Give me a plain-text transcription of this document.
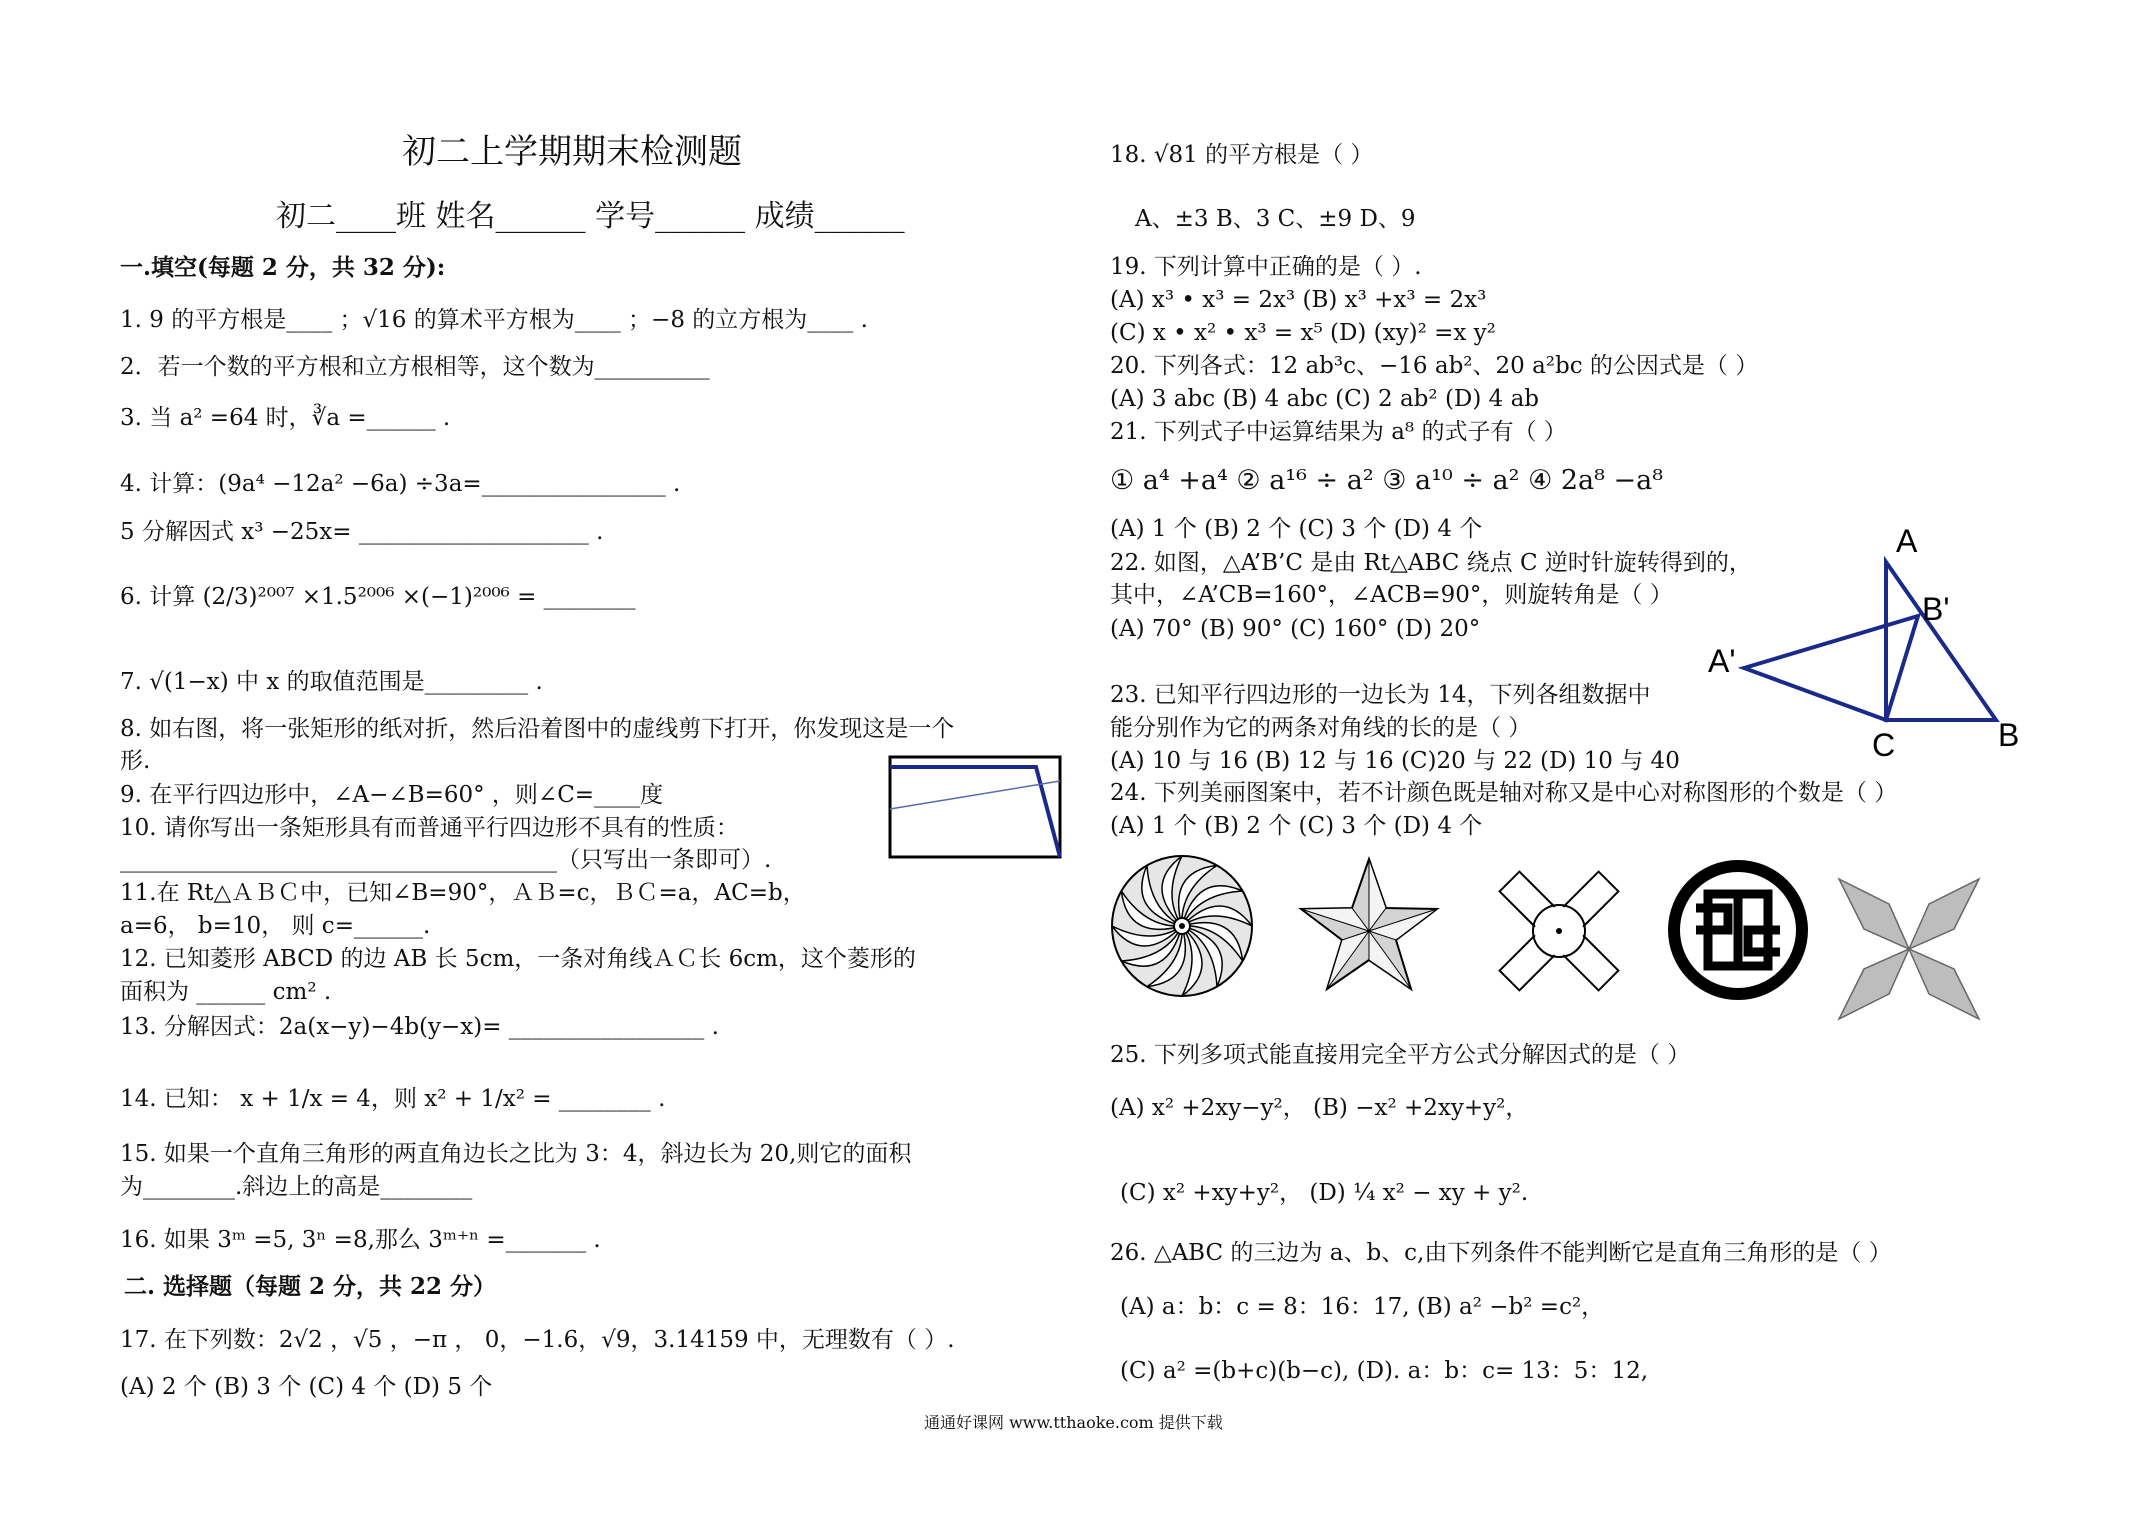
初二上学期期末检测题
初二____班 姓名______ 学号______ 成绩______
一.填空(每题 2 分，共 32 分):
1. 9 的平方根是____ ；√16 的算术平方根为____ ；−8 的立方根为____ .
2．若一个数的平方根和立方根相等，这个数为__________
3. 当 a² =64 时，∛a =______ .
4. 计算：(9a⁴ −12a² −6a) ÷3a=________________ .
5 分解因式 x³ −25x= ____________________ .
6. 计算 (2/3)²⁰⁰⁷ ×1.5²⁰⁰⁶ ×(−1)²⁰⁰⁶ = ________
7. √(1−x) 中 x 的取值范围是_________ .
8. 如右图，将一张矩形的纸对折，然后沿着图中的虚线剪下打开，你发现这是一个
形.
9. 在平行四边形中，∠A−∠B=60° ，则∠C=____度
10. 请你写出一条矩形具有而普通平行四边形不具有的性质：
______________________________________（只写出一条即可）.
11.在 Rt△ＡＢＣ中，已知∠B=90°，ＡＢ=c，ＢＣ=a，AC=b，
a=6， b=10， 则 c=______.
12. 已知菱形 ABCD 的边 AB 长 5cm，一条对角线ＡＣ长 6cm，这个菱形的
面积为 ______ cm² .
13. 分解因式：2a(x−y)−4b(y−x)= _________________ .
14. 已知： x + 1/x = 4，则 x² + 1/x² = ________ .
15. 如果一个直角三角形的两直角边长之比为 3：4，斜边长为 20,则它的面积
为________.斜边上的高是________
16. 如果 3ᵐ =5, 3ⁿ =8,那么 3ᵐ⁺ⁿ =_______ .
二. 选择题（每题 2 分，共 22 分）
17. 在下列数：2√2 ，√5 ，−π ， 0，−1.6，√9，3.14159 中，无理数有（ ）.
(A) 2 个 (B) 3 个 (C) 4 个 (D) 5 个
18. √81 的平方根是（ ）
A、±3 B、3 C、±9 D、9
19. 下列计算中正确的是（ ）.
(A) x³ • x³ = 2x³ (B) x³ +x³ = 2x³
(C) x • x² • x³ = x⁵ (D) (xy)² =x y²
20. 下列各式：12 ab³c、−16 ab²、20 a²bc 的公因式是（ ）
(A) 3 abc (B) 4 abc (C) 2 ab² (D) 4 ab
21. 下列式子中运算结果为 a⁸ 的式子有（ ）
① a⁴ +a⁴ ② a¹⁶ ÷ a² ③ a¹⁰ ÷ a² ④ 2a⁸ −a⁸
(A) 1 个 (B) 2 个 (C) 3 个 (D) 4 个
22. 如图，△A’B’C 是由 Rt△ABC 绕点 C 逆时针旋转得到的，
其中，∠A’CB=160°，∠ACB=90°，则旋转角是（ ）
(A) 70° (B) 90° (C) 160° (D) 20°
23. 已知平行四边形的一边长为 14，下列各组数据中
能分别作为它的两条对角线的长的是（ ）
(A) 10 与 16 (B) 12 与 16 (C)20 与 22 (D) 10 与 40
24. 下列美丽图案中，若不计颜色既是轴对称又是中心对称图形的个数是（ ）
(A) 1 个 (B) 2 个 (C) 3 个 (D) 4 个
A
B'
A'
C	B
25. 下列多项式能直接用完全平方公式分解因式的是（ ）
(A) x² +2xy−y²， (B) −x² +2xy+y²，
(C) x² +xy+y²， (D) ¼ x² − xy + y².
26. △ABC 的三边为 a、b、c,由下列条件不能判断它是直角三角形的是（ ）
(A) a：b：c = 8：16：17, (B) a² −b² =c²，
(C) a² =(b+c)(b−c), (D). a：b：c= 13：5：12,
通通好课网 www.tthaoke.com 提供下载
